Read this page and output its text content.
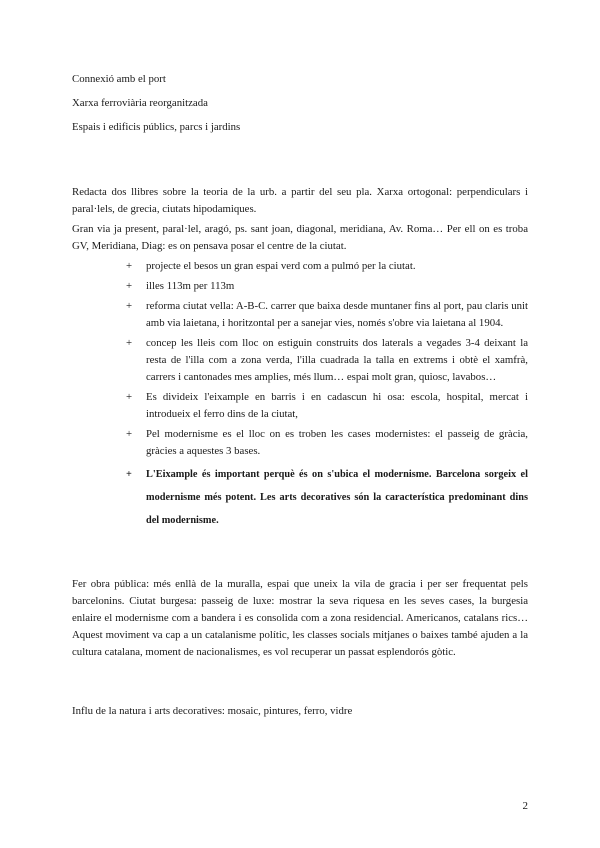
Connexió amb el port
Xarxa ferroviària reorganitzada
Espais i edificis públics, parcs i jardins

Redacta dos llibres sobre la teoria de la urb. a partir del seu pla. Xarxa ortogonal: perpendiculars i paral·lels, de grecia, ciutats hipodamiques.

Gran via ja present, paral·lel, aragó, ps. sant joan, diagonal, meridiana, Av. Roma… Per ell on es troba GV, Meridiana, Diag: es on pensava posar el centre de la ciutat.

+	projecte el besos un gran espai verd com a pulmó per la ciutat.
+	illes 113m per 113m
+	reforma ciutat vella: A-B-C. carrer que baixa desde muntaner fins al port, pau claris unit amb via laietana, i horitzontal per a sanejar vies, només s'obre via laietana al 1904.
+	concep les lleis com lloc on estiguin construits dos laterals a vegades 3-4 deixant la resta de l'illa com a zona verda, l'illa cuadrada la talla en extrems i obtè el xamfrà, carrers i cantonades mes amplies, més llum… espai molt gran, quiosc, lavabos…
+	Es divideix l'eixample en barris i en cadascun hi osa: escola, hospital, mercat i introdueix el ferro dins de la ciutat,
+	Pel modernisme es el lloc on es troben les cases modernistes: el passeig de gràcia, gràcies a aquestes 3 bases.
+	L'Eixample és important perquè és on s'ubica el modernisme. Barcelona sorgeix el modernisme més potent. Les arts decoratives són la característica predominant dins del modernisme.

Fer obra pública: més enllà de la muralla, espai que uneix la vila de gracia i per ser frequentat pels barcelonins. Ciutat burgesa: passeig de luxe: mostrar la seva riquesa en les seves cases, la burgesia enlaire el modernisme com a bandera i es consolida com a zona residencial. Americanos, catalans rics… Aquest moviment va cap a un catalanisme polític, les classes socials mitjanes o baixes també ajuden a la cultura catalana, moment de nacionalismes, es vol recuperar un passat esplendorós gòtic.

Influ de la natura i arts decoratives: mosaic, pintures, ferro, vidre

2
